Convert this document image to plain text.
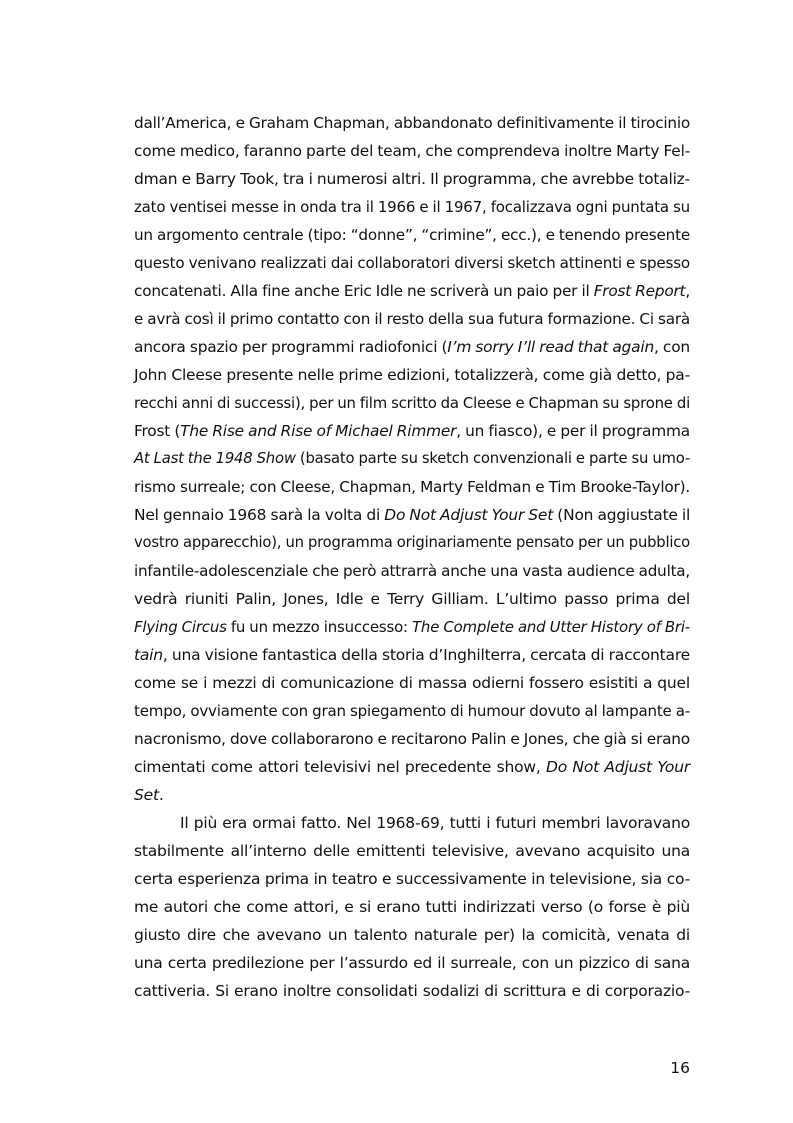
dall’America, e Graham Chapman, abbandonato definitivamente il tirocinio
come medico, faranno parte del team, che comprendeva inoltre Marty Fel-
dman e Barry Took, tra i numerosi altri. Il programma, che avrebbe totaliz-
zato ventisei messe in onda tra il 1966 e il 1967, focalizzava ogni puntata su
un argomento centrale (tipo: “donne”, “crimine”, ecc.), e tenendo presente
questo venivano realizzati dai collaboratori diversi sketch attinenti e spesso
concatenati. Alla fine anche Eric Idle ne scriverà un paio per il Frost Report,
e avrà così il primo contatto con il resto della sua futura formazione. Ci sarà
ancora spazio per programmi radiofonici (I’m sorry I’ll read that again, con
John Cleese presente nelle prime edizioni, totalizzerà, come già detto, pa-
recchi anni di successi), per un film scritto da Cleese e Chapman su sprone di
Frost (The Rise and Rise of Michael Rimmer, un fiasco), e per il programma
At Last the 1948 Show (basato parte su sketch convenzionali e parte su umo-
rismo surreale; con Cleese, Chapman, Marty Feldman e Tim Brooke-Taylor).
Nel gennaio 1968 sarà la volta di Do Not Adjust Your Set (Non aggiustate il
vostro apparecchio), un programma originariamente pensato per un pubblico
infantile-adolescenziale che però attrarrà anche una vasta audience adulta,
vedrà riuniti Palin, Jones, Idle e Terry Gilliam. L’ultimo passo prima del
Flying Circus fu un mezzo insuccesso: The Complete and Utter History of Bri-
tain, una visione fantastica della storia d’Inghilterra, cercata di raccontare
come se i mezzi di comunicazione di massa odierni fossero esistiti a quel
tempo, ovviamente con gran spiegamento di humour dovuto al lampante a-
nacronismo, dove collaborarono e recitarono Palin e Jones, che già si erano
cimentati come attori televisivi nel precedente show, Do Not Adjust Your
Set.
Il più era ormai fatto. Nel 1968-69, tutti i futuri membri lavoravano
stabilmente all’interno delle emittenti televisive, avevano acquisito una
certa esperienza prima in teatro e successivamente in televisione, sia co-
me autori che come attori, e si erano tutti indirizzati verso (o forse è più
giusto dire che avevano un talento naturale per) la comicità, venata di
una certa predilezione per l’assurdo ed il surreale, con un pizzico di sana
cattiveria. Si erano inoltre consolidati sodalizi di scrittura e di corporazio-
16
